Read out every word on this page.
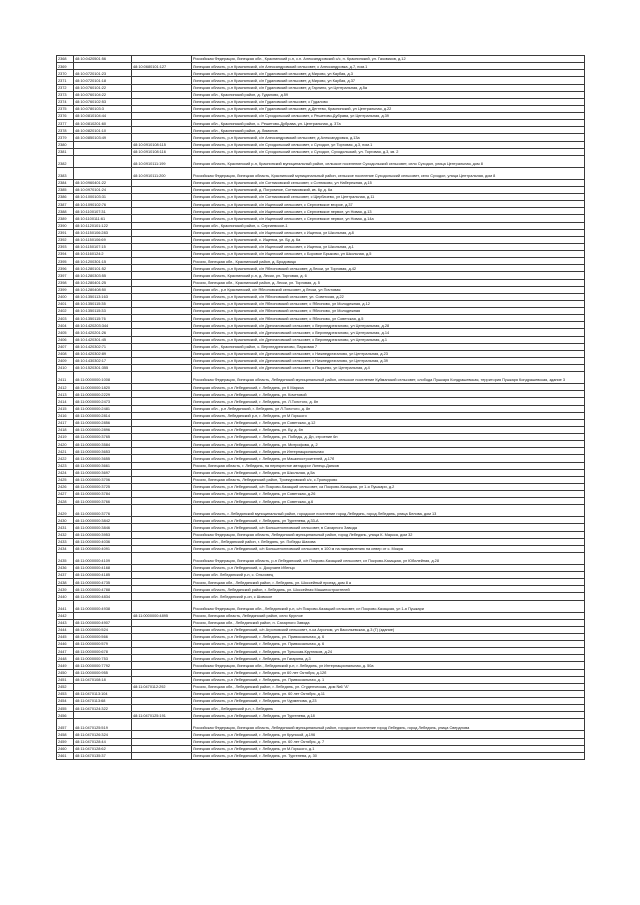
2368	48:10:0420501:56		Российская Федерация, Липецкая обл., Краснинский р-н, с.п. Александровский с/с, п. Краснинский, ул. Газовиков, д.12
2369		48:10:0680101:127	Липецкая область, р-н Краснинский, с/п Александровский сельсовет, с Александровка, д.7, пом.1
2370	48:10:0720101:23		Липецкая область, р-н Краснинский, с/п Гудаловский сельсовет, д Мирово, ул Каубая, д.3
2371	48:10:0720101:18		Липецкая область, р-н Краснинский, с/п Гудаловский сельсовет, д Мирово, ул Каубая, д.37
2372	48:10:0760101:22		Липецкая область, р-н Краснинский, с/п Гудаловский сельсовет, д Гарлино, ул Центральная, д.5а
2373	48:10:0760104:22		Липецкая обл., Краснинский район, д. Гудалово, д.59
2374	48:10:0760102:53		Липецкая область, р-н Краснинский, с/п Гудаловский сельсовет, с Гудалово
2375	48:10:0780103:3		Липецкая область, р-н Краснинский, с/п Гудаловский сельсовет, д Дегтево, Краснинский, ул Центральная, д.22
2376	48:10:0810104:44		Липецкая область, р-н Краснинский, с/п Суходольский сельсовет, с Решетово-Дубрава, ул Центральная, д.39
2377	48:10:0810201:60		Липецкая обл., Краснинский район, с. Решетово-Дубрава, ул. Центральная, д. 37а
2378	48:10:0820101:10		Липецкая обл., Краснинский район, д. Лимонов
2379	48:10:0850103:49		Липецкая область, р-н Краснинский, с/п Александровский сельсовет, д Александровка, д.13а
2380		48:10:0910108:115	Липецкая область, р-н Краснинский, с/п Суходольский сельсовет, с Суходол, ул Торговая, д.3, пом.1
2381		48:10:0910108:116	Липецкая область, р-н Краснинский, с/п Суходольский сельсовет, с Суходол, Суходольский, ул. Торговая, д.3, кв. 2
2382		48:10:0910111:199	Липецкая область, Краснинский р-н, Краснинский муниципальный район, сельское поселение Суходольский сельсовет, село Суходол, улица Центральная, дом 8
2383		48:10:0910111:200	Российская Федерация, Липецкая область, Краснинский муниципальный район, сельское поселение Суходольский сельсовет, село Суходол, улица Центральная, дом 8
2384	48:10:0960401:22		Липецкая область, р-н Краснинский, с/п Сотниковский сельсовет, с Сотниково, ул Набережная, д.15
2385	48:10:0970101:24		Липецкая область, р-н Краснинский, д. Погромное, Сотниковский, кв. 6у, д. 6а
2386	48:10:1000103:31		Липецкая область, р-н Краснинский, с/п Сотниковский сельсовет, с Щербачево, ул Центральная, д.11
2387	48:10:1090102:76		Липецкая область, р-н Краснинский, с/п Ищенский сельсовет, с Сергиевское второе, д.37
2388	48:10:1100107:31		Липецкая область, р-н Краснинский, с/п Ищенский сельсовет, с Сергиевское первое, ул Новая, д.13
2389	48:10:1100111:61		Липецкая область, р-н Краснинский, с/п Ищенский сельсовет, с Сергиевское первое, ул Новая, д.14а
2390	48:10:1120101:122		Липецкая обл., Краснинский район, с. Сергиевское-1
2391	48:10:1150106:283		Липецкая область, р-н Краснинский, с/п Ищенский сельсовет, с Ищенка, ул Школьная, д.8
2392	48:10:1150106:69		Липецкая область, р-н Краснинский, с. Ищенка, ул. Бу, д. 6а
2393	48:10:1150107:15		Липецкая область, р-н Краснинский, с/п Ищенский сельсовет, с Ищенка, ул Школьная, д.1
2394	48:10:1160124:2		Липецкая область, р-н Краснинский, с/п Ищенский сельсовет, с Боровое Брыково, ул Школьная, д.5
2395	48:10:1200301:15		Россия, Липецкая обл., Краснинский район, д. Бродовицо
2396	48:10:1280101:52		Липецкая область, р-н Краснинский, с/п Яблоновский сельсовет, д Лески, ул Торговая, д.42
2397	48:10:1280303:55		Липецкая область, Краснинский р-н, д. Лески, ул. Торговая, д. 6
2398	48:10:1280401:25		Россия, Липецкая обл., Краснинский район, д. Лески, ул. Торговая, д. 5
2399	48:10:1280408:50		Липецкая обл., р-н Краснинский, с/п Яблоновский сельсовет, д Лески, ул Почтовая
2400	48:10:1350113:163		Липецкая область, р-н Краснинский, с/п Яблоновский сельсовет, ул. Советская, д.22
2401	48:10:1350115:35		Липецкая область, р-н Краснинский, с/п Яблоновский сельсовет, с Яблоново, ул Молодежная, д.12
2402	48:10:1350115:33		Липецкая область, р-н Краснинский, с/п Яблоновский сельсовет, с Яблоново, ул Молодежная
2403	48:10:1350115:76		Липецкая область, р-н Краснинский, с/п Яблоновский сельсовет, с Яблоново, ул Советская, д.5
2404	48:10:1420203:344		Липецкая область, р-н Краснинский, с/п Дрезгаловский сельсовет, с Верхнедрезгалово, ул Центральная, д.28
2405	48:10:1420201:26		Липецкая область, р-н Краснинский, с/п Дрезгаловский сельсовет, с Верхнедрезгалово, ул Центральная, д.14
2406	48:10:1420301:45		Липецкая область, р-н Краснинский, с/п Дрезгаловский сельсовет, с Верхнедрезгалово, ул Центральная, д.1
2407	48:10:1420302:71		Липецкая обл., Краснинский район, с. Верхнедрезгалово, Парковая 7
2408	48:10:1420302:89		Липецкая область, р-н Краснинский, с/п Дрезгаловский сельсовет, с Нижнедрезгалово, ул Центральная, д.23
2409	48:10:1430302:17		Липецкая область, р-н Краснинский, с/п Дрезгаловский сельсовет, с Нижнедрезгалово, ул Центральная, д.39
2410	48:10:1520301:355		Липецкая область, р-н Краснинский, с/п Дрезгаловский сельсовет, с Пырьево, ул Центральная, д.4
2411	48:11:0000000:1008		Российская Федерация, Липецкая область, Лебедянский муниципальный район, сельское поселение Куйманский сельсовет, слобода Пушкаря Кондрашевская, территория Пушкаря Кондрашевская, здание 3
2412	48:11:0000000:1820		Липецкая область, р-н Лебедянский, г. Лебедянь, ул К Маркса
2413	48:11:0000000:2229		Липецкая область, р-н Лебедянский, г. Лебедянь, ул. Кочетовой
2414	48:11:0000000:2473		Липецкая область, р-н Лебедянский, г. Лебедянь, ул. Л.Толстого, д. 8н
2415	48:11:0000000:2481		Липецкая обл., р-н Лебедянский, г. Лебедянь, ул Л.Толстого, д. 8н
2416	48:11:0000000:2814		Липецкая область, Лебедянский р-н, г. Лебедянь, ул М Горького
2417	48:11:0000000:2856		Липецкая область, р-н Лебедянский, г. Лебедянь, ул Советская, д.12
2418	48:11:0000000:2896		Липецкая область, р-н Лебедянский, г. Лебедянь, ул. Бу, д. 6н
2419	48:11:0000000:3765		Липецкая область, р-н Лебедянский, г. Лебедянь, ул. Победы, д. Дн, строение 6н
2420	48:11:0000000:3584		Липецкая область, р-н Лебедянский, г. Лебедянь, ул. Митрофова, д. 2
2421	48:11:0000000:3653		Липецкая область, р-н Лебедянский, г. Лебедянь, ул Интернациональная
2422	48:11:0000000:3655		Липецкая область, р-н Лебедянский, г. Лебедянь, ул Машиностроителей, д.17б
2423	48:11:0000000:3661		Россия, Липецкая область, г. Лебедянь, на перекрестке автодорог Липецк-Данков
2424	48:11:0000000:3697		Липецкая область, р-н Лебедянский, г. Лебедянь, ул Школьная, д.5а
2425	48:11:0000000:3706		Россия, Липецкая область, Лебедянский район, Троекуровский с/с, с.Троекурово
2426	48:11:0000000:3725		Липецкая область, р-н Лебедянский, с/п Покрово-Казацкий сельсовет, са Покрово-Казацкая, ул 1-я Пушкари, д.2
2427	48:11:0000000:3784		Липецкая область, р-н Лебедянский, г. Лебедянь, ул Советская, д.26
2428	48:11:0000000:3766		Липецкая область, р-н Лебедянский, г. Лебедянь, ул Советская, д.6
2429	48:11:0000000:3776		Липецкая область, г. Лебедянский муниципальный район, городское поселение город Лебедянь, город Лебедянь, улица Белова, дом 13
2430	48:11:0000000:3842		Липецкая область, р-н Лебедянский, г. Лебедянь, ул Тургенева, д.33-А
2431	48:11:0000000:3846		Липецкая область, р-н Лебедянский, с/п Большепопловский сельсовет, в Сахарного Завода
2432	48:11:0000000:3953		Российская Федерация, Липецкая область, Лебедянский муниципальный район, город Лебедянь, улица К. Маркса, дом 32
2433	48:11:0000000:4036		Липецкая обл., Лебедянский район, г. Лебедянь, ул. Победы Шахова
2434	48:11:0000000:4091		Липецкая область, р-н Лебедянский, с/п Большепопловский сельсовет, в 100 м на направлению на север от с. Мокра
2435	48:11:0000000:4109		Российская Федерация, Липецкая область, р-н Лебедянский, с/п Покрово-Казацкий сельсовет, сл Покрово-Казацкая, ул Юбилейная, д.28
2436	48:11:0000000:4168		Липецкая область, р-н Лебедянский, с. Докучаев Ибенцо
2437	48:11:0000000:4185		Липецкая обл. Лебедянский р-н, с. Ольховец
2438	48:11:0000000:4735		Россия, Липецкая обл., Лебедянский район, г. Лебедянь, ул. Шоссейный проезд, дом 8 а
2439	48:11:0000000:4788		Липецкая область, Лебедянский район, г. Лебедянь, ул. Шоссейная Машиностроителей
2440	48:11:0000000:4834		Липецкая обл. Лебедянский р-он, с Шовское
2441	48:11:0000000:4938		Российская Федерация, Липецкая обл., Лебедянский р-н, с/п Покрово-Казацкий сельсовет, сл Покрово-Казацкая, ул 1-я Пушкари
2442		48:11:0000000:4895	Россия, Липецкая область, Лебедянский район, село Круглое
2443	48:11:0000000:4907		Россия, Липецкая обл., Лебедянский район, п. Сахарного Завода
2444	48:11:0000000:524		Липецкая область, р-н Лебедянский, с/п Агроновский сельсовет, л-ка Агроном, ул Васильевская, д.3 (Г) (здание)
2445	48:11:0000000:566		Липецкая область, р-н Лебедянский, г. Лебедянь, ул. Привокзальная, д. 6
2446	48:11:0000000:579		Липецкая область, р-н Лебедянский, г. Лебедянь, ул. Привокзальная, д. 6
2447	48:11:0000000:678		Липецкая область, р-н Лебедянский, г. Лебедянь, ул Тульская-Кругликов, д.24
2448	48:11:0000000:753		Липецкая область, р-н Лебедянский, г. Лебедянь, ул Гагарина, д.3
2449	48:11:0000000:7792		Российская Федерация, Липецкая обл., Лебедянский р-н, г. Лебедянь, ул Интернациональная, д. 50а
2450	48:11:0000000:955		Липецкая область, р-н Лебедянский, г. Лебедянь, ул 60 лет Октября, д.12б
2451	48:11:0470108:18		Липецкая область, р-н Лебедянский, г. Лебедянь, ул. Привокзальная, д. 1
2452		48:11:0470112:292	Россия, Липецкая обл., Лебедянский район, г. Лебедянь, ул. Студенческая, дом №6 "А"
2453	48:11:0470113:104		Липецкая область, р-н Лебедянский, г. Лебедянь, ул. 60 лет Октября, д.11
2454	48:11:0470113:68		Липецкая область, р-н Лебедянский, г. Лебедянь, ул Чурменова, д.23
2455	48:11:0470124:322		Липецкая обл., Лебедянский р-н, г. Лебедянь
2456		48:11:0470125:191	Липецкая область, р-н Лебедянский, г. Лебедянь, ул Тургенева, д.18
2457	48:11:0470125:519		Российская Федерация, Липецкая область, Лебедянский муниципальный район, городское поселение город Лебедянь, город Лебедянь, улица Свердлова
2458	48:11:0470126:324		Липецкая область, р-н Лебедянский, г. Лебедянь, ул Крупской, д.196
2459	48:11:0470128:44		Липецкая область, р-н Лебедянский, г. Лебедянь, ул. 60 лет Октября, д. 7
2460	48:11:0470128:62		Липецкая область, р-н Лебедянский, г. Лебедянь, ул М.Горького, д.1
2461	48:11:0470135:37		Липецкая область, р-н Лебедянский, г. Лебедянь, ул. Тургенева, д. 30
